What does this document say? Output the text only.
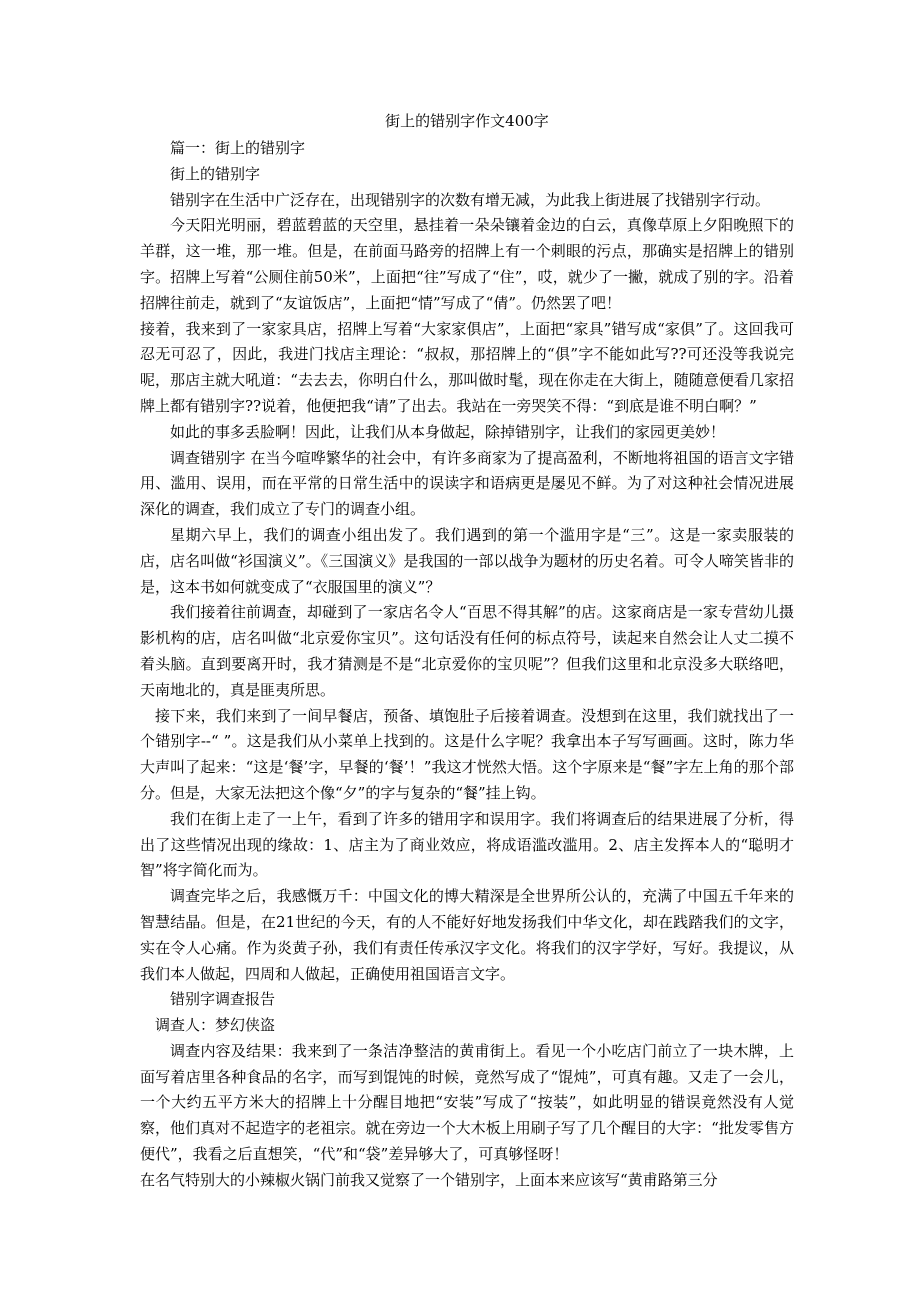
街上的错别字作文400字

篇一：街上的错别字

街上的错别字

错别字在生活中广泛存在，出现错别字的次数有增无减，为此我上街进展了找错别字行动。

今天阳光明丽，碧蓝碧蓝的天空里，悬挂着一朵朵镶着金边的白云，真像草原上夕阳晚照下的羊群，这一堆，那一堆。但是，在前面马路旁的招牌上有一个刺眼的污点，那确实是招牌上的错别字。招牌上写着“公厕住前50米”，上面把“往”写成了“住”，哎，就少了一撇，就成了别的字。沿着招牌往前走，就到了“友谊饭店”，上面把“情”写成了“倩”。仍然罢了吧！

接着，我来到了一家家具店，招牌上写着“大家家俱店”，上面把“家具”错写成“家俱”了。这回我可忍无可忍了，因此，我进门找店主理论：“叔叔，那招牌上的“俱”字不能如此写??可还没等我说完呢，那店主就大吼道：“去去去，你明白什么，那叫做时髦，现在你走在大街上，随随意便看几家招牌上都有错别字??说着，他便把我“请”了出去。我站在一旁哭笑不得：“到底是谁不明白啊？”

如此的事多丢脸啊！因此，让我们从本身做起，除掉错别字，让我们的家园更美妙！

调查错别字 在当今喧哗繁华的社会中，有许多商家为了提高盈利，不断地将祖国的语言文字错用、滥用、误用，而在平常的日常生活中的误读字和语病更是屡见不鲜。为了对这种社会情况进展深化的调查，我们成立了专门的调查小组。

星期六早上，我们的调查小组出发了。我们遇到的第一个滥用字是“三”。这是一家卖服装的店，店名叫做“衫国演义”。《三国演义》是我国的一部以战争为题材的历史名着。可令人啼笑皆非的是，这本书如何就变成了“衣服国里的演义”？

我们接着往前调查，却碰到了一家店名令人“百思不得其解”的店。这家商店是一家专营幼儿摄影机构的店，店名叫做“北京爱你宝贝”。这句话没有任何的标点符号，读起来自然会让人丈二摸不着头脑。直到要离开时，我才猜测是不是“北京爱你的宝贝呢”？但我们这里和北京没多大联络吧，天南地北的，真是匪夷所思。

接下来，我们来到了一间早餐店，预备、填饱肚子后接着调查。没想到在这里，我们就找出了一个错别字--“ ”。这是我们从小菜单上找到的。这是什么字呢？我拿出本子写写画画。这时，陈力华大声叫了起来：“这是‘餐’字，早餐的‘餐’！”我这才恍然大悟。这个字原来是“餐”字左上角的那个部分。但是，大家无法把这个像“夕”的字与复杂的“餐”挂上钩。

我们在街上走了一上午，看到了许多的错用字和误用字。我们将调查后的结果进展了分析，得出了这些情况出现的缘故：1、店主为了商业效应，将成语滥改滥用。2、店主发挥本人的“聪明才智”将字简化而为。

调查完毕之后，我感慨万千：中国文化的博大精深是全世界所公认的，充满了中国五千年来的智慧结晶。但是，在21世纪的今天，有的人不能好好地发扬我们中华文化，却在践踏我们的文字，实在令人心痛。作为炎黄子孙，我们有责任传承汉字文化。将我们的汉字学好，写好。我提议，从我们本人做起，四周和人做起，正确使用祖国语言文字。

错别字调查报告

调查人：梦幻侠盗

调查内容及结果：我来到了一条洁净整洁的黄甫街上。看见一个小吃店门前立了一块木牌，上面写着店里各种食品的名字，而写到馄饨的时候，竟然写成了“馄炖”，可真有趣。又走了一会儿，一个大约五平方米大的招牌上十分醒目地把“安装”写成了“按装”，如此明显的错误竟然没有人觉察，他们真对不起造字的老祖宗。就在旁边一个大木板上用刷子写了几个醒目的大字：“批发零售方便代”，我看之后直想笑，“代”和“袋”差异够大了，可真够怪呀！

在名气特别大的小辣椒火锅门前我又觉察了一个错别字，上面本来应该写“黄甫路第三分
